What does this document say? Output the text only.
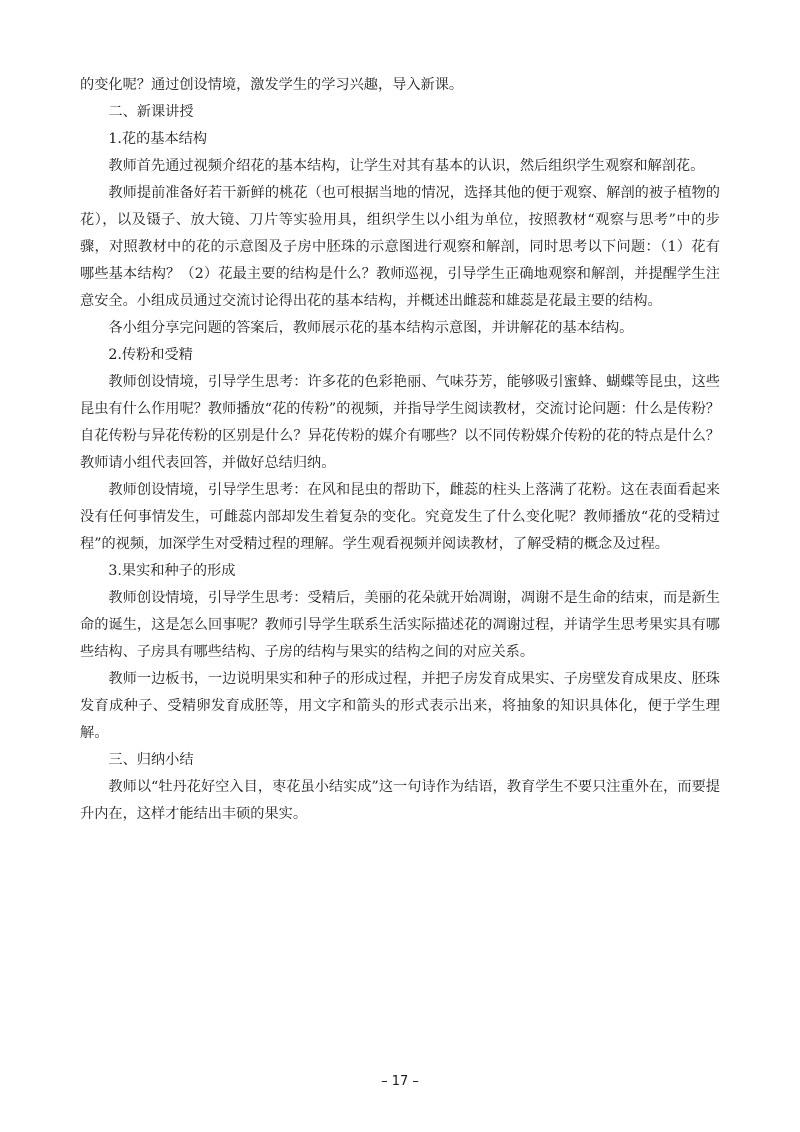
的变化呢？通过创设情境，激发学生的学习兴趣，导入新课。

二、新课讲授

1.花的基本结构

教师首先通过视频介绍花的基本结构，让学生对其有基本的认识，然后组织学生观察和解剖花。

教师提前准备好若干新鲜的桃花（也可根据当地的情况，选择其他的便于观察、解剖的被子植物的花），以及镊子、放大镜、刀片等实验用具，组织学生以小组为单位，按照教材“观察与思考”中的步骤，对照教材中的花的示意图及子房中胚珠的示意图进行观察和解剖，同时思考以下问题：（1）花有哪些基本结构？（2）花最主要的结构是什么？教师巡视，引导学生正确地观察和解剖，并提醒学生注意安全。小组成员通过交流讨论得出花的基本结构，并概述出雌蕊和雄蕊是花最主要的结构。

各小组分享完问题的答案后，教师展示花的基本结构示意图，并讲解花的基本结构。

2.传粉和受精

教师创设情境，引导学生思考：许多花的色彩艳丽、气味芬芳，能够吸引蜜蜂、蝴蝶等昆虫，这些昆虫有什么作用呢？教师播放“花的传粉”的视频，并指导学生阅读教材，交流讨论问题：什么是传粉？自花传粉与异花传粉的区别是什么？异花传粉的媒介有哪些？以不同传粉媒介传粉的花的特点是什么？教师请小组代表回答，并做好总结归纳。

教师创设情境，引导学生思考：在风和昆虫的帮助下，雌蕊的柱头上落满了花粉。这在表面看起来没有任何事情发生，可雌蕊内部却发生着复杂的变化。究竟发生了什么变化呢？教师播放“花的受精过程”的视频，加深学生对受精过程的理解。学生观看视频并阅读教材，了解受精的概念及过程。

3.果实和种子的形成

教师创设情境，引导学生思考：受精后，美丽的花朵就开始凋谢，凋谢不是生命的结束，而是新生命的诞生，这是怎么回事呢？教师引导学生联系生活实际描述花的凋谢过程，并请学生思考果实具有哪些结构、子房具有哪些结构、子房的结构与果实的结构之间的对应关系。

教师一边板书，一边说明果实和种子的形成过程，并把子房发育成果实、子房壁发育成果皮、胚珠发育成种子、受精卵发育成胚等，用文字和箭头的形式表示出来，将抽象的知识具体化，便于学生理解。

三、归纳小结

教师以“牡丹花好空入目，枣花虽小结实成”这一句诗作为结语，教育学生不要只注重外在，而要提升内在，这样才能结出丰硕的果实。

– 17 –
